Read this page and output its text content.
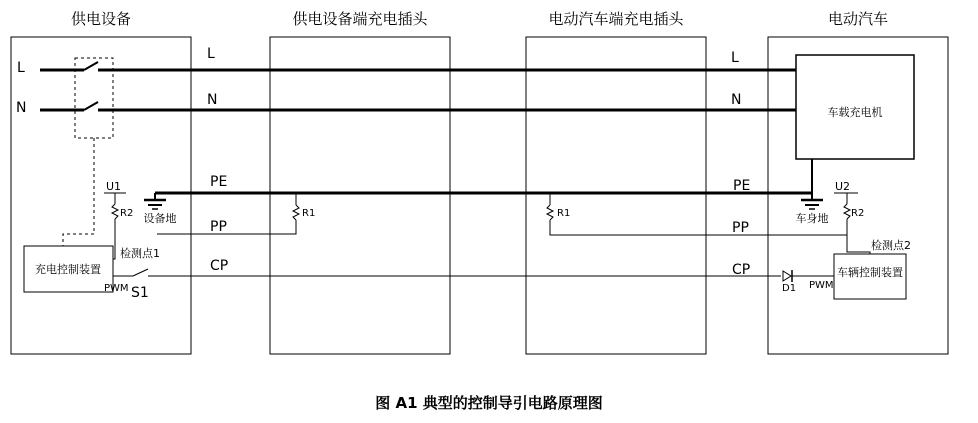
供电设备	供电设备端充电插头	电动汽车端充电插头	电动汽车
L
L	L
N	N	N
车载充电机
PE	PE
设备地	车身地
U1
R2
充电控制装置
检测点1
PWM S1
CP	CP
D1 PWM
R1
PP
R1
PP
U2
R2
检测点2
车辆控制装置
图 A1 典型的控制导引电路原理图
